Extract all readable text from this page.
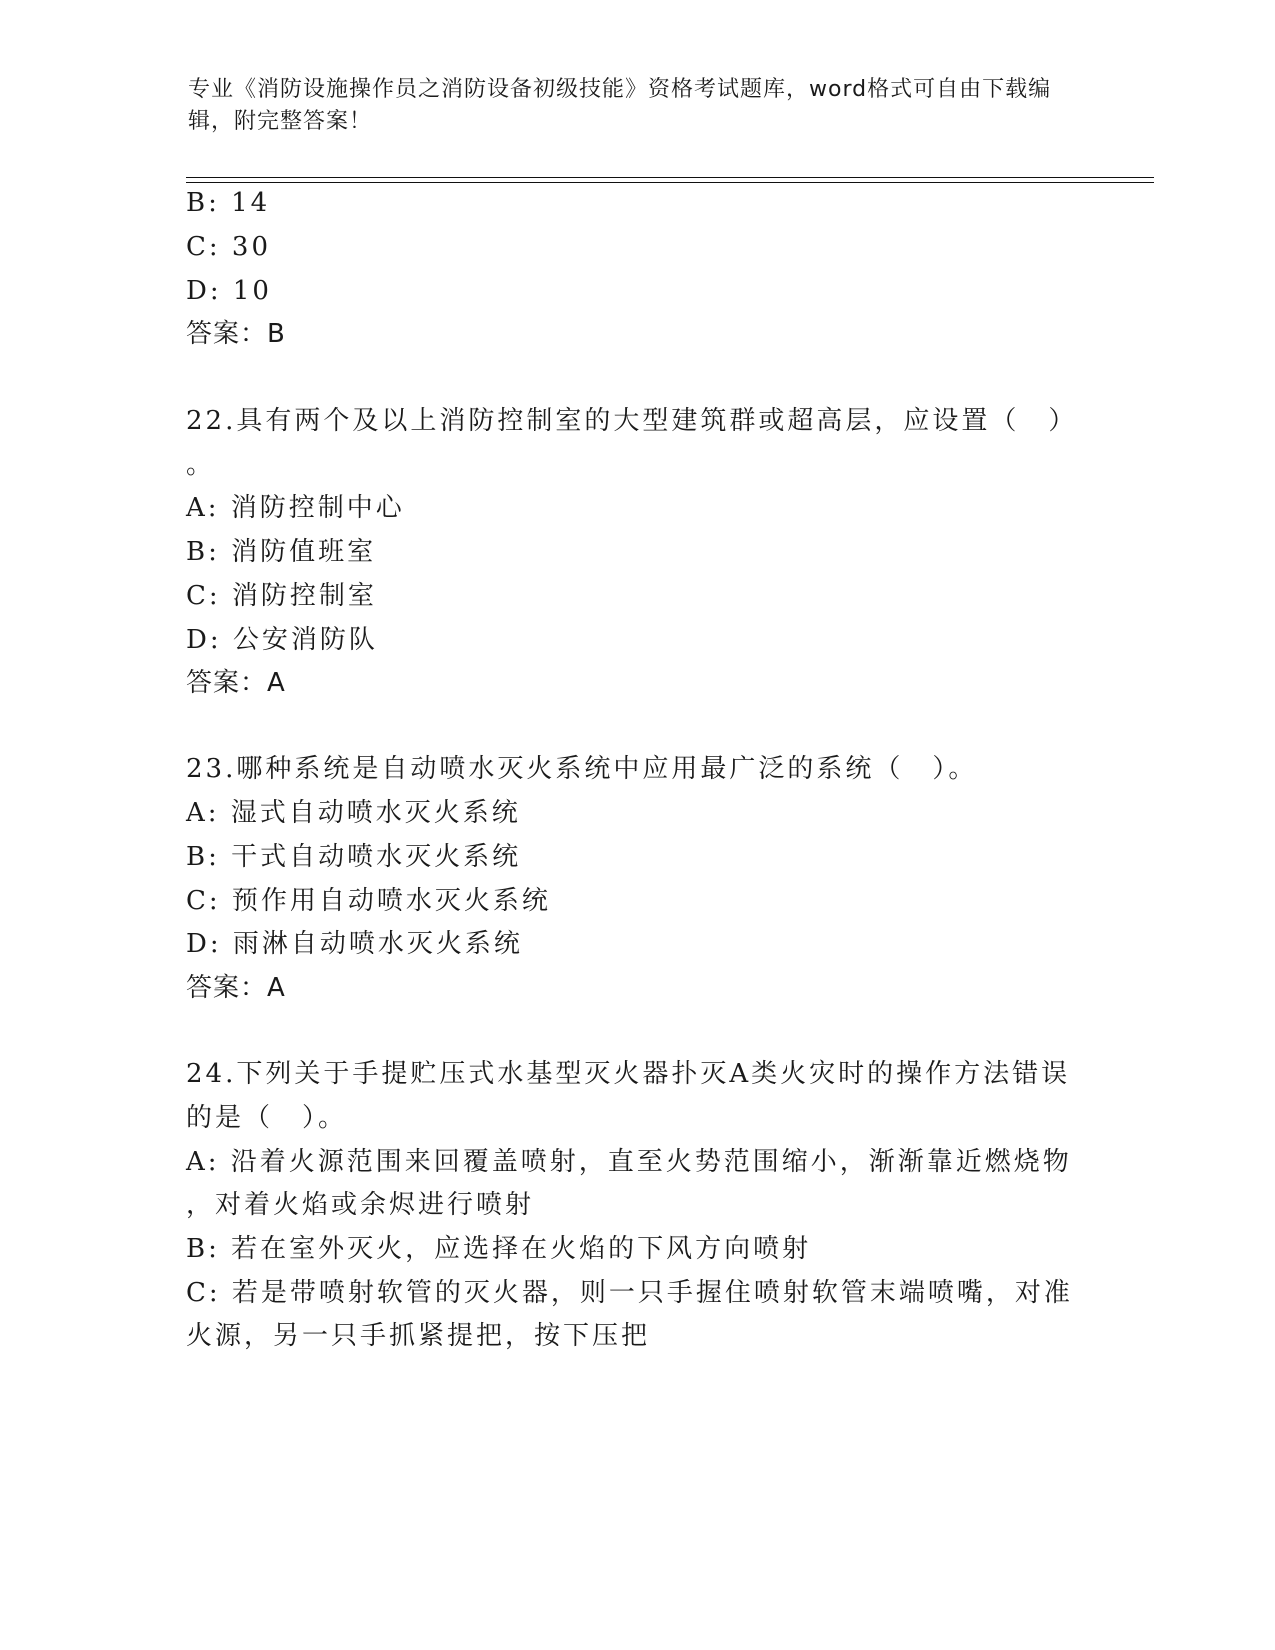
专业《消防设施操作员之消防设备初级技能》资格考试题库，word格式可自由下载编辑，附完整答案！
B: 14
C: 30
D: 10
答案：B
22.具有两个及以上消防控制室的大型建筑群或超高层，应设置（　）
。
A: 消防控制中心
B: 消防值班室
C: 消防控制室
D: 公安消防队
答案：A
23.哪种系统是自动喷水灭火系统中应用最广泛的系统（　）。
A: 湿式自动喷水灭火系统
B: 干式自动喷水灭火系统
C: 预作用自动喷水灭火系统
D: 雨淋自动喷水灭火系统
答案：A
24.下列关于手提贮压式水基型灭火器扑灭A类火灾时的操作方法错误
的是（　）。
A: 沿着火源范围来回覆盖喷射，直至火势范围缩小，渐渐靠近燃烧物
，对着火焰或余烬进行喷射
B: 若在室外灭火，应选择在火焰的下风方向喷射
C: 若是带喷射软管的灭火器，则一只手握住喷射软管末端喷嘴，对准
火源，另一只手抓紧提把，按下压把
